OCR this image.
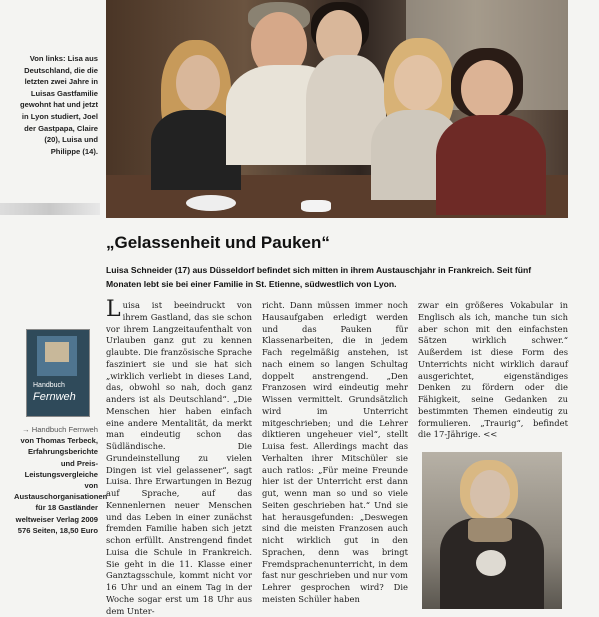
Von links: Lisa aus Deutschland, die die letzten zwei Jahre in Luisas Gastfamilie gewohnt hat und jetzt in Lyon studiert, Joel der Gastpapa, Claire (20), Luisa und Philippe (14).
„Gelassenheit und Pauken“
Luisa Schneider (17) aus Düsseldorf befindet sich mitten in ihrem Austauschjahr in Frankreich. Seit fünf Monaten lebt sie bei einer Familie in St. Etienne, südwestlich von Lyon.
Luisa ist beeindruckt von ihrem Gastland, das sie schon vor ihrem Langzeitaufenthalt von Urlauben ganz gut zu kennen glaubte. Die französische Sprache fasziniert sie und sie hat sich „wirklich verliebt in dieses Land, das, obwohl so nah, doch ganz anders ist als Deutschland“. „Die Menschen hier haben einfach eine andere Mentalität, da merkt man eindeutig schon das Südländische. Die Grundeinstellung zu vielen Dingen ist viel gelassener“, sagt Luisa. Ihre Erwartungen in Bezug auf Sprache, auf das Kennenlernen neuer Menschen und das Leben in einer zunächst fremden Familie haben sich jetzt schon erfüllt. Anstrengend findet Luisa die Schule in Frankreich. Sie geht in die 11. Klasse einer Ganztagsschule, kommt nicht vor 16 Uhr und an einem Tag in der Woche sogar erst um 18 Uhr aus dem Unter-
richt. Dann müssen immer noch Hausaufgaben erledigt werden und das Pauken für Klassenarbeiten, die in jedem Fach regelmäßig anstehen, ist nach einem so langen Schultag doppelt anstrengend. „Den Franzosen wird eindeutig mehr Wissen vermittelt. Grundsätzlich wird im Unterricht mitgeschrieben; und die Lehrer diktieren ungeheuer viel“, stellt Luisa fest. Allerdings macht das Verhalten ihrer Mitschüler sie auch ratlos: „Für meine Freunde hier ist der Unterricht erst dann gut, wenn man so und so viele Seiten geschrieben hat.“ Und sie hat herausgefunden: „Deswegen sind die meisten Franzosen auch nicht wirklich gut in den Sprachen, denn was bringt Fremdsprachenunterricht, in dem fast nur geschrieben und nur vom Lehrer gesprochen wird? Die meisten Schüler haben
zwar ein größeres Vokabular in Englisch als ich, manche tun sich aber schon mit den einfachsten Sätzen wirklich schwer.“ Außerdem ist diese Form des Unterrichts nicht wirklich darauf ausgerichtet, eigenständiges Denken zu fördern oder die Fähigkeit, seine Gedanken zu bestimmten Themen eindeutig zu formulieren. „Traurig“, befindet die 17-Jährige. <<
Handbuch
Fernweh
→ Handbuch Fernweh
von Thomas Terbeck, Erfahrungsberichte und Preis-Leistungsvergleiche von Austauschorganisationen für 18 Gastländer weltweiser Verlag 2009 576 Seiten, 18,50 Euro
